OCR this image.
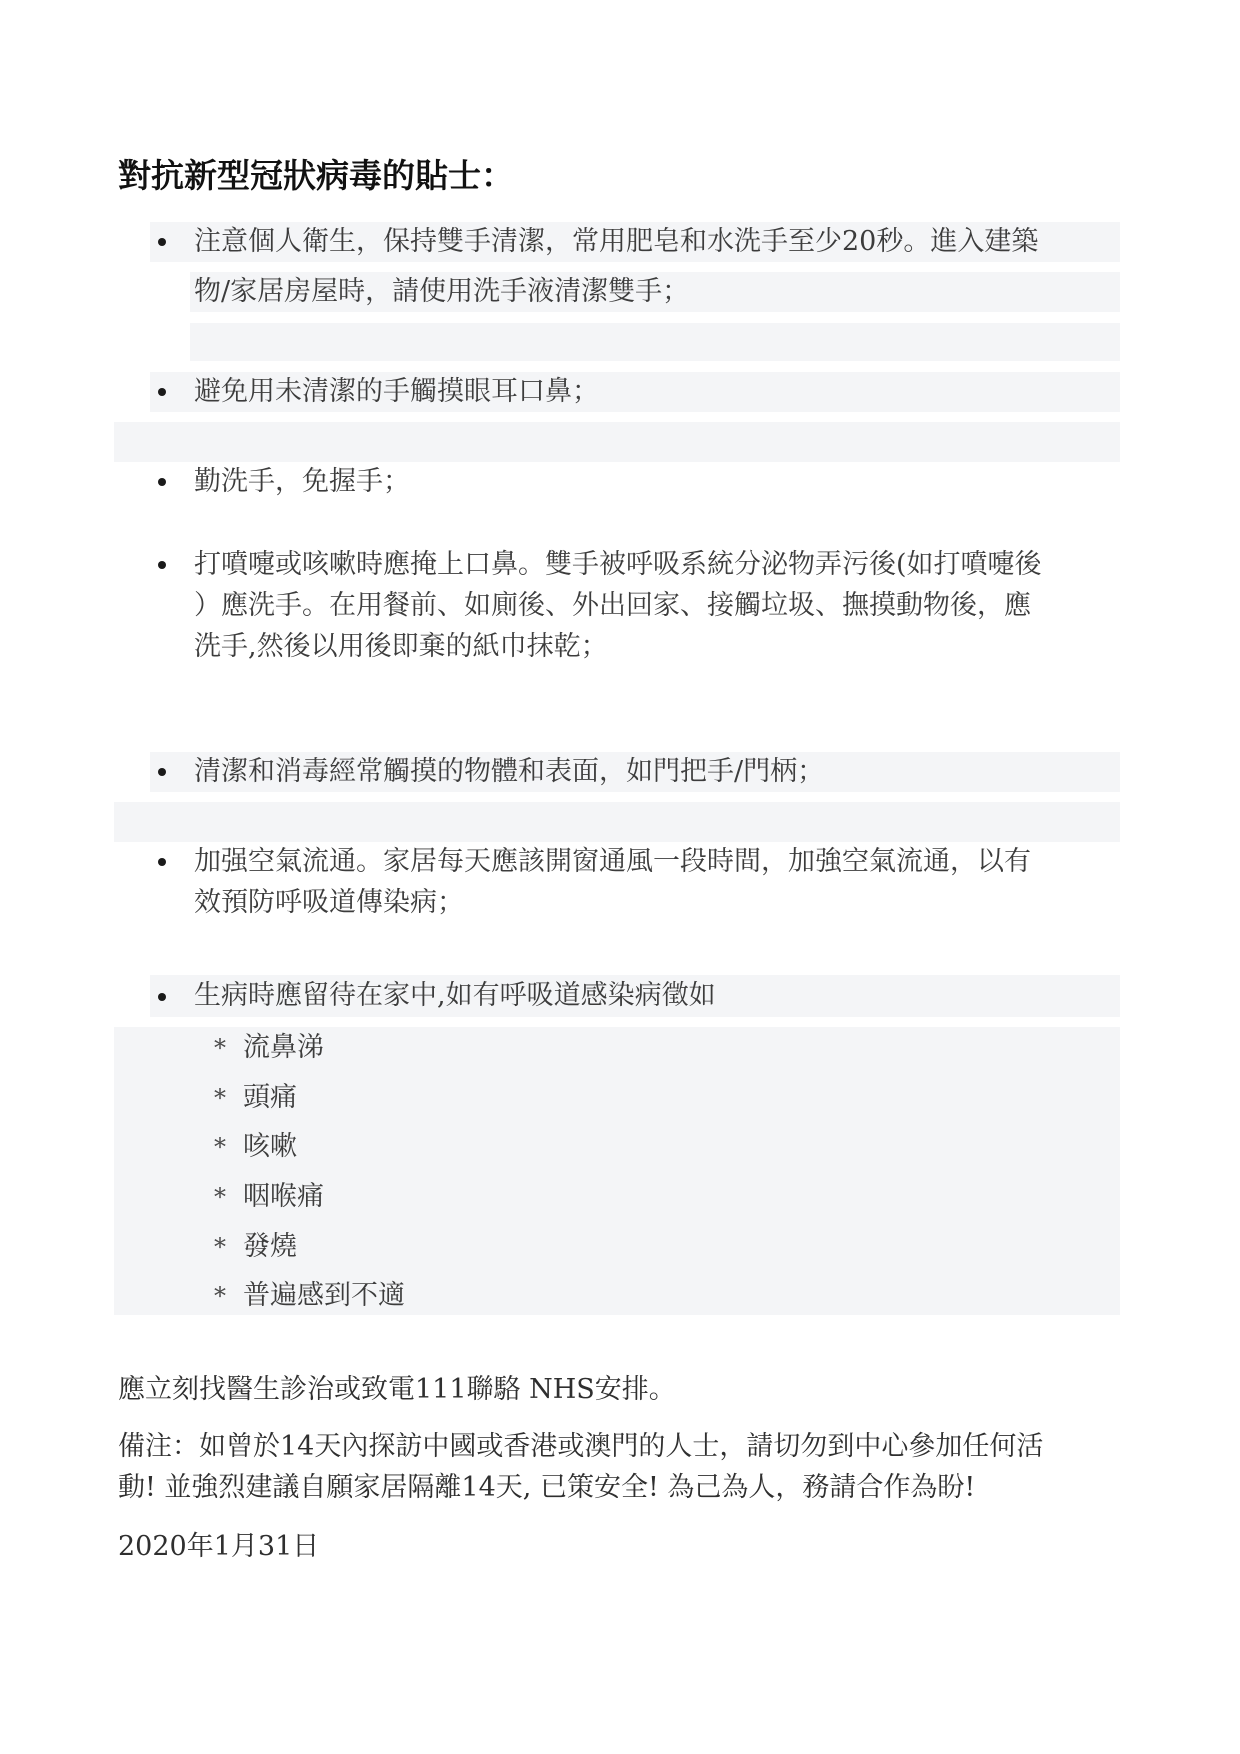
對抗新型冠狀病毒的貼士：
注意個人衛生，保持雙手清潔，常用肥皂和水洗手至少20秒。進入建築
物/家居房屋時，請使用洗手液清潔雙手；
避免用未清潔的手觸摸眼耳口鼻；
勤洗手，免握手；
打噴嚏或咳嗽時應掩上口鼻。雙手被呼吸系統分泌物弄污後(如打噴嚏後
）應洗手。在用餐前、如廁後、外出回家、接觸垃圾、撫摸動物後，應
洗手,然後以用後即棄的紙巾抹乾；
清潔和消毒經常觸摸的物體和表面，如門把手/門柄；
加强空氣流通。家居每天應該開窗通風一段時間，加強空氣流通，以有
效預防呼吸道傳染病；
生病時應留待在家中,如有呼吸道感染病徵如
* 流鼻涕
* 頭痛
* 咳嗽
* 咽喉痛
* 發燒
* 普遍感到不適
應立刻找醫生診治或致電111聯駱 NHS安排。
備注：如曾於14天內探訪中國或香港或澳門的人士，請切勿到中心參加任何活
動! 並強烈建議自願家居隔離14天, 已策安全! 為己為人，務請合作為盼!
2020年1月31日
